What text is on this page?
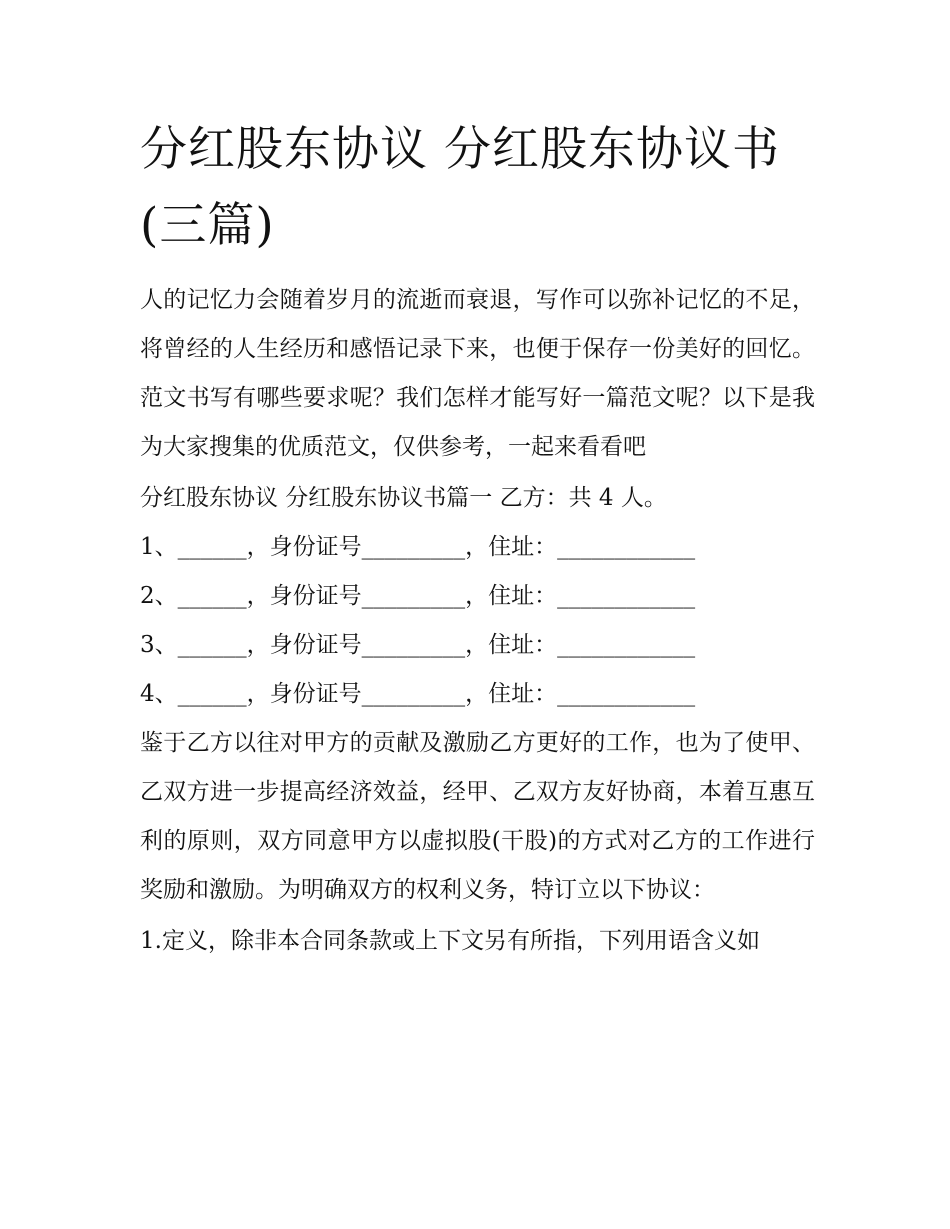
分红股东协议 分红股东协议书(三篇)

人的记忆力会随着岁月的流逝而衰退，写作可以弥补记忆的不足，将曾经的人生经历和感悟记录下来，也便于保存一份美好的回忆。范文书写有哪些要求呢？我们怎样才能写好一篇范文呢？以下是我为大家搜集的优质范文，仅供参考，一起来看看吧

分红股东协议 分红股东协议书篇一 乙方：共 4 人。

1、______，身份证号_________，住址：____________

2、______，身份证号_________，住址：____________

3、______，身份证号_________，住址：____________

4、______，身份证号_________，住址：____________

鉴于乙方以往对甲方的贡献及激励乙方更好的工作，也为了使甲、乙双方进一步提高经济效益，经甲、乙双方友好协商，本着互惠互利的原则，双方同意甲方以虚拟股(干股)的方式对乙方的工作进行奖励和激励。为明确双方的权利义务，特订立以下协议：

1.定义，除非本合同条款或上下文另有所指，下列用语含义如
